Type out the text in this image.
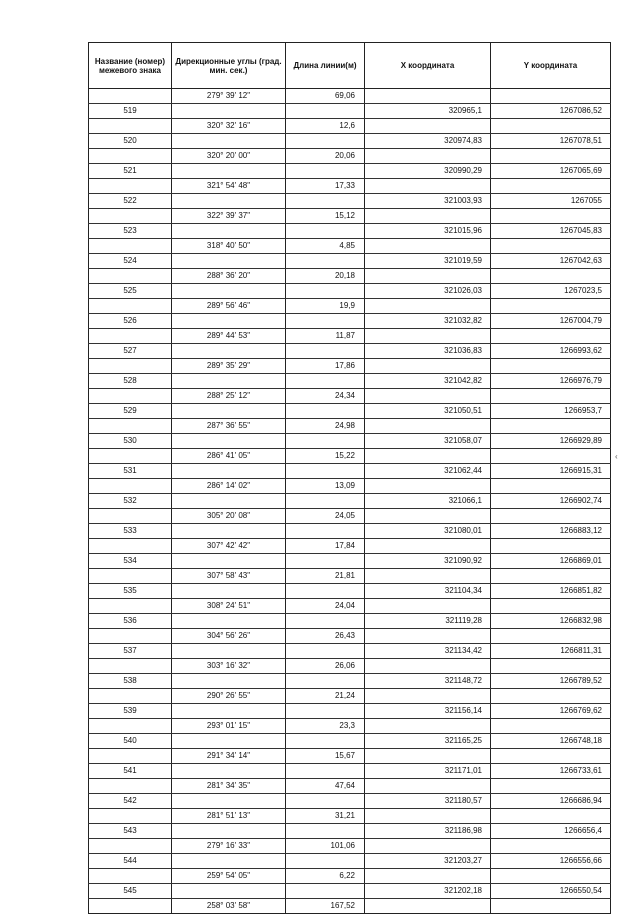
Название (номер) межевого знака	Дирекционные углы (град. мин. сек.)	Длина линии(м)	X координата	Y координата
	279° 39' 12"	69,06		
519			320965,1	1267086,52
	320° 32' 16"	12,6		
520			320974,83	1267078,51
	320° 20' 00"	20,06		
521			320990,29	1267065,69
	321° 54' 48"	17,33		
522			321003,93	1267055
	322° 39' 37"	15,12		
523			321015,96	1267045,83
	318° 40' 50"	4,85		
524			321019,59	1267042,63
	288° 36' 20"	20,18		
525			321026,03	1267023,5
	289° 56' 46"	19,9		
526			321032,82	1267004,79
	289° 44' 53"	11,87		
527			321036,83	1266993,62
	289° 35' 29"	17,86		
528			321042,82	1266976,79
	288° 25' 12"	24,34		
529			321050,51	1266953,7
	287° 36' 55"	24,98		
530			321058,07	1266929,89
	286° 41' 05"	15,22		
531			321062,44	1266915,31
	286° 14' 02"	13,09		
532			321066,1	1266902,74
	305° 20' 08"	24,05		
533			321080,01	1266883,12
	307° 42' 42"	17,84		
534			321090,92	1266869,01
	307° 58' 43"	21,81		
535			321104,34	1266851,82
	308° 24' 51"	24,04		
536			321119,28	1266832,98
	304° 56' 26"	26,43		
537			321134,42	1266811,31
	303° 16' 32"	26,06		
538			321148,72	1266789,52
	290° 26' 55"	21,24		
539			321156,14	1266769,62
	293° 01' 15"	23,3		
540			321165,25	1266748,18
	291° 34' 14"	15,67		
541			321171,01	1266733,61
	281° 34' 35"	47,64		
542			321180,57	1266686,94
	281° 51' 13"	31,21		
543			321186,98	1266656,4
	279° 16' 33"	101,06		
544			321203,27	1266556,66
	259° 54' 05"	6,22		
545			321202,18	1266550,54
	258° 03' 58"	167,52		
‹
